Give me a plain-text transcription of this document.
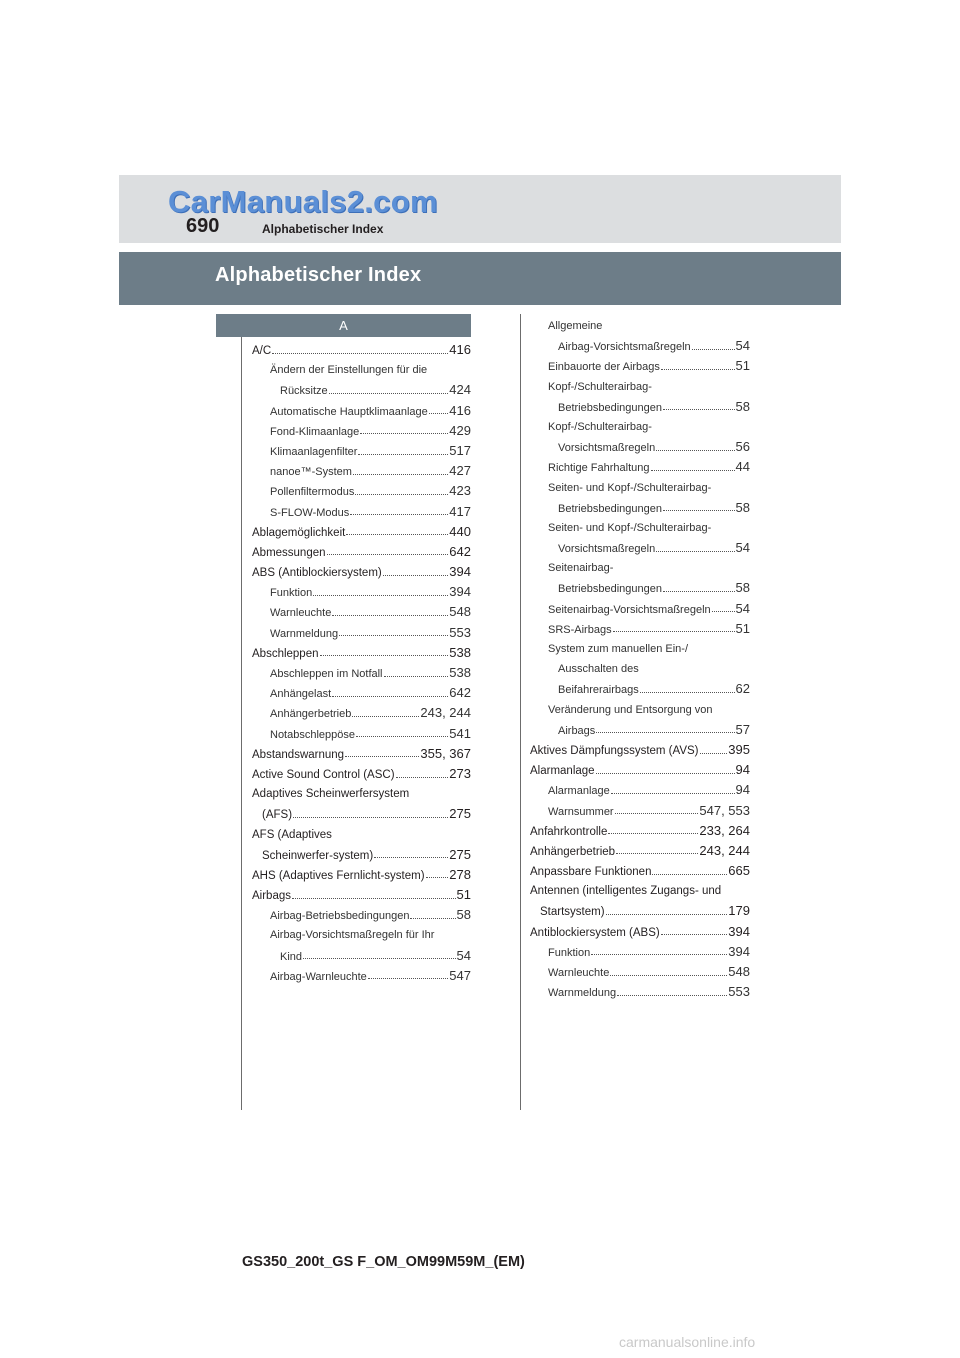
CarManuals2.com
690	Alphabetischer Index
Alphabetischer Index
A
A/C	416
Ändern der Einstellungen für die
Rücksitze	424
Automatische Hauptklimaanlage 416
Fond-Klimaanlage	429
Klimaanlagenfilter	517
nanoe™-System	427
Pollenfiltermodus	423
S-FLOW-Modus	417
Ablagemöglichkeit	440
Abmessungen	642
ABS (Antiblockiersystem)	394
Funktion	394
Warnleuchte	548
Warnmeldung	553
Abschleppen	538
Abschleppen im Notfall	538
Anhängelast	642
Anhängerbetrieb	243, 244
Notabschleppöse	541
Abstandswarnung	355, 367
Active Sound Control (ASC)	273
Adaptives Scheinwerfersystem
(AFS)	275
AFS (Adaptives
Scheinwerfer-system)	275
AHS (Adaptives Fernlicht-system) 278
Airbags	51
Airbag-Betriebsbedingungen	58
Airbag-Vorsichtsmaßregeln für Ihr
Kind	54
Airbag-Warnleuchte	547
Allgemeine
Airbag-Vorsichtsmaßregeln	54
Einbauorte der Airbags	51
Kopf-/Schulterairbag-
Betriebsbedingungen	58
Kopf-/Schulterairbag-
Vorsichtsmaßregeln	56
Richtige Fahrhaltung	44
Seiten- und Kopf-/Schulterairbag-
Betriebsbedingungen	58
Seiten- und Kopf-/Schulterairbag-
Vorsichtsmaßregeln	54
Seitenairbag-
Betriebsbedingungen	58
Seitenairbag-Vorsichtsmaßregeln 54
SRS-Airbags	51
System zum manuellen Ein-/
Ausschalten des
Beifahrerairbags	62
Veränderung und Entsorgung von
Airbags	57
Aktives Dämpfungssystem (AVS) 395
Alarmanlage	94
Alarmanlage	94
Warnsummer	547, 553
Anfahrkontrolle	233, 264
Anhängerbetrieb	243, 244
Anpassbare Funktionen	665
Antennen (intelligentes Zugangs- und
Startsystem)	179
Antiblockiersystem (ABS)	394
Funktion	394
Warnleuchte	548
Warnmeldung	553
GS350_200t_GS F_OM_OM99M59M_(EM)
carmanualsonline.info
